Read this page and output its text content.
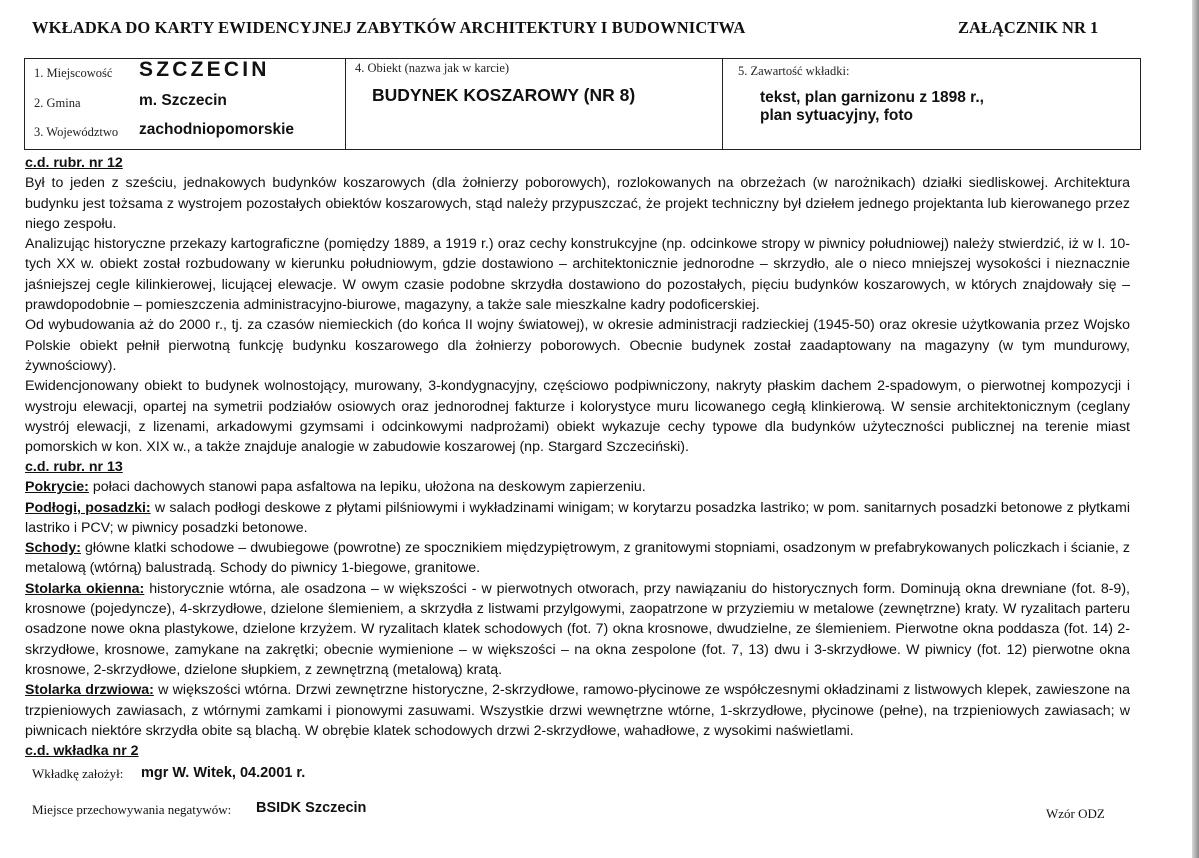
WKŁADKA DO KARTY EWIDENCYJNEJ ZABYTKÓW ARCHITEKTURY I BUDOWNICTWA	ZAŁĄCZNIK NR 1
1. Miejscowość SZCZECIN
2. Gmina	m. Szczecin
3. Województwo zachodniopomorskie
4. Obiekt (nazwa jak w karcie)
BUDYNEK KOSZAROWY (NR 8)
5. Zawartość wkładki:
tekst, plan garnizonu z 1898 r.,
plan sytuacyjny, foto
c.d. rubr. nr 12

Był to jeden z sześciu, jednakowych budynków koszarowych (dla żołnierzy poborowych), rozlokowanych na obrzeżach (w narożnikach) działki siedliskowej. Architektura budynku jest tożsama z wystrojem pozostałych obiektów koszarowych, stąd należy przypuszczać, że projekt techniczny był dziełem jednego projektanta lub kierowanego przez niego zespołu.

Analizując historyczne przekazy kartograficzne (pomiędzy 1889, a 1919 r.) oraz cechy konstrukcyjne (np. odcinkowe stropy w piwnicy południowej) należy stwierdzić, iż w I. 10-tych XX w. obiekt został rozbudowany w kierunku południowym, gdzie dostawiono – architektonicznie jednorodne – skrzydło, ale o nieco mniejszej wysokości i nieznacznie jaśniejszej cegle kilinkierowej, licującej elewacje. W owym czasie podobne skrzydła dostawiono do pozostałych, pięciu budynków koszarowych, w których znajdowały się – prawdopodobnie – pomieszczenia administracyjno-biurowe, magazyny, a także sale mieszkalne kadry podoficerskiej.

Od wybudowania aż do 2000 r., tj. za czasów niemieckich (do końca II wojny światowej), w okresie administracji radzieckiej (1945-50) oraz okresie użytkowania przez Wojsko Polskie obiekt pełnił pierwotną funkcję budynku koszarowego dla żołnierzy poborowych. Obecnie budynek został zaadaptowany na magazyny (w tym mundurowy, żywnościowy).

Ewidencjonowany obiekt to budynek wolnostojący, murowany, 3-kondygnacyjny, częściowo podpiwniczony, nakryty płaskim dachem 2-spadowym, o pierwotnej kompozycji i wystroju elewacji, opartej na symetrii podziałów osiowych oraz jednorodnej fakturze i kolorystyce muru licowanego cegłą klinkierową. W sensie architektonicznym (ceglany wystrój elewacji, z lizenami, arkadowymi gzymsami i odcinkowymi nadprożami) obiekt wykazuje cechy typowe dla budynków użyteczności publicznej na terenie miast pomorskich w kon. XIX w., a także znajduje analogie w zabudowie koszarowej (np. Stargard Szczeciński).

c.d. rubr. nr 13

Pokrycie: połaci dachowych stanowi papa asfaltowa na lepiku, ułożona na deskowym zapierzeniu.

Podłogi, posadzki: w salach podłogi deskowe z płytami pilśniowymi i wykładzinami winigam; w korytarzu posadzka lastriko; w pom. sanitarnych posadzki betonowe z płytkami lastriko i PCV; w piwnicy posadzki betonowe.

Schody: główne klatki schodowe – dwubiegowe (powrotne) ze spocznikiem międzypiętrowym, z granitowymi stopniami, osadzonym w prefabrykowanych policzkach i ścianie, z metalową (wtórną) balustradą. Schody do piwnicy 1-biegowe, granitowe.

Stolarka okienna: historycznie wtórna, ale osadzona – w większości - w pierwotnych otworach, przy nawiązaniu do historycznych form. Dominują okna drewniane (fot. 8-9), krosnowe (pojedyncze), 4-skrzydłowe, dzielone ślemieniem, a skrzydła z listwami przylgowymi, zaopatrzone w przyziemiu w metalowe (zewnętrzne) kraty. W ryzalitach parteru osadzone nowe okna plastykowe, dzielone krzyżem. W ryzalitach klatek schodowych (fot. 7) okna krosnowe, dwudzielne, ze ślemieniem. Pierwotne okna poddasza (fot. 14) 2-skrzydłowe, krosnowe, zamykane na zakrętki; obecnie wymienione – w większości – na okna zespolone (fot. 7, 13) dwu i 3-skrzydłowe. W piwnicy (fot. 12) pierwotne okna krosnowe, 2-skrzydłowe, dzielone słupkiem, z zewnętrzną (metalową) kratą.

Stolarka drzwiowa: w większości wtórna. Drzwi zewnętrzne historyczne, 2-skrzydłowe, ramowo-płycinowe ze współczesnymi okładzinami z listwowych klepek, zawieszone na trzpieniowych zawiasach, z wtórnymi zamkami i pionowymi zasuwami. Wszystkie drzwi wewnętrzne wtórne, 1-skrzydłowe, płycinowe (pełne), na trzpieniowych zawiasach; w piwnicach niektóre skrzydła obite są blachą. W obrębie klatek schodowych drzwi 2-skrzydłowe, wahadłowe, z wysokimi naświetlami.

c.d. wkładka nr 2
Wkładkę założył: mgr W. Witek, 04.2001 r.
Miejsce przechowywania negatywów: BSIDK Szczecin	Wzór ODZ
